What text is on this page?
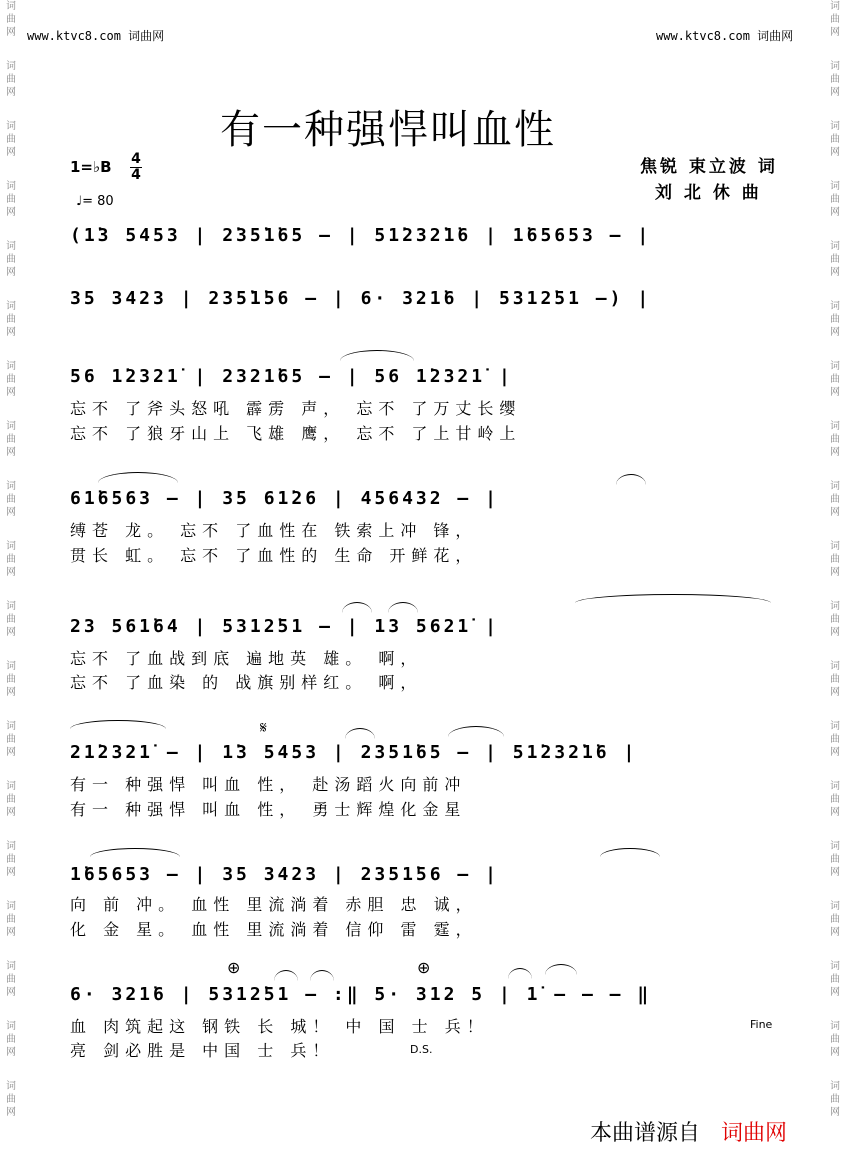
词
曲
网
词
曲
网
词
曲
网
词
曲
网
词
曲
网
词
曲
网
词
曲
网
词
曲
网
词
曲
网
词
曲
网
词
曲
网
词
曲
网
词
曲
网
词
曲
网
词
曲
网
词
曲
网
词
曲
网
词
曲
网
词
曲
网
词
曲
网
词
曲
网
词
曲
网
词
曲
网
词
曲
网
词
曲
网
词
曲
网
词
曲
网
词
曲
网
词
曲
网
词
曲
网
词
曲
网
词
曲
网
词
曲
网
词
曲
网
词
曲
网
词
曲
网
词
曲
网
词
曲
网
www.ktvc8.com 词曲网	www.ktvc8.com 词曲网
有一种强悍叫血性
1=♭B 4
4
♩= 80
焦锐 束立波 词
刘 北 休 曲
(1̇3 5453 | 2̇35̇1̇65 – | 51̇232̇1̇6 | 1̇65653 – |
35 3423 | 235̇1̇56 – | 6· 321̇6 | 5312̇51 –) |
56 1̇2321̇ | 2321̇65 – | 56 1̇2321̇ |
忘不 了斧头怒吼 霹雳 声， 忘不 了万丈长缨
忘不 了狼牙山上 飞雄 鹰， 忘不 了上甘岭上
61̇6563 – | 35 61̇26 | 456432 – |
缚苍 龙。 忘不 了血性在 铁索上冲 锋，
贯长 虹。 忘不 了血性的 生命 开鲜花，
23 561̇64 | 5312̇51 – | 13 5621̇ |
忘不 了血战到底 遍地英 雄。 啊，
忘不 了血染 的 战旗别样红。 啊，
𝄋
21̇2321̇ – | 1̇3 5453 | 2351̇65 – | 51̇232̇1̇6 |
有一 种强悍 叫血 性， 赴汤蹈火向前冲
有一 种强悍 叫血 性， 勇士辉煌化金星
1̇65653 – | 35 3423 | 2351̇56 – |
向 前 冲。 血性 里流淌着 赤胆 忠 诚，
化 金 星。 血性 里流淌着 信仰 雷 霆，
⊕	⊕
6· 321̇6 | 5312̇51 – :‖ 5· 312 5 | 1̇ – – – ‖
血 肉筑起这 钢铁 长 城！ 中 国 士 兵！
亮 剑必胜是 中国 士 兵！
Fine
D.S.
本曲谱源自 词曲网
